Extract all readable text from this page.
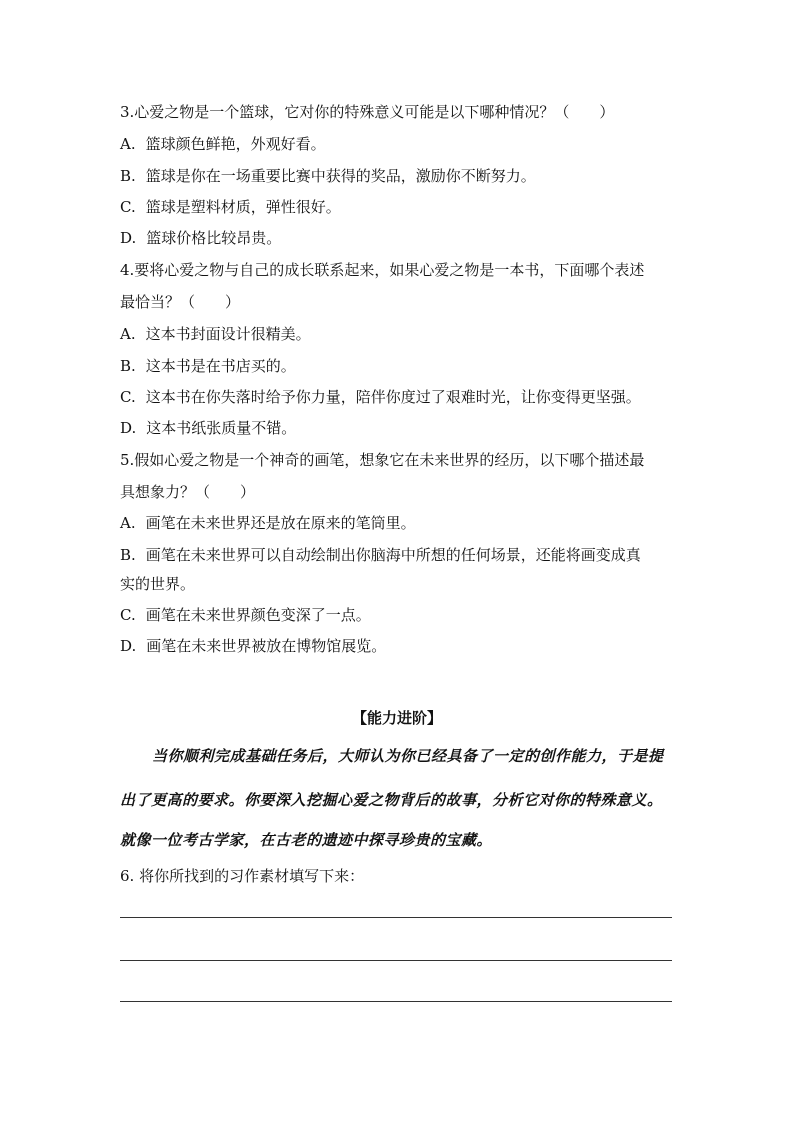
3.心爱之物是一个篮球，它对你的特殊意义可能是以下哪种情况？（　　）
A. 篮球颜色鲜艳，外观好看。
B. 篮球是你在一场重要比赛中获得的奖品，激励你不断努力。
C. 篮球是塑料材质，弹性很好。
D. 篮球价格比较昂贵。
4.要将心爱之物与自己的成长联系起来，如果心爱之物是一本书，下面哪个表述
最恰当？（　　）
A. 这本书封面设计很精美。
B. 这本书是在书店买的。
C. 这本书在你失落时给予你力量，陪伴你度过了艰难时光，让你变得更坚强。
D. 这本书纸张质量不错。
5.假如心爱之物是一个神奇的画笔，想象它在未来世界的经历，以下哪个描述最
具想象力？（　　）
A. 画笔在未来世界还是放在原来的笔筒里。
B. 画笔在未来世界可以自动绘制出你脑海中所想的任何场景，还能将画变成真
实的世界。
C. 画笔在未来世界颜色变深了一点。
D. 画笔在未来世界被放在博物馆展览。
【能力进阶】
当你顺利完成基础任务后，大师认为你已经具备了一定的创作能力，于是提
出了更高的要求。你要深入挖掘心爱之物背后的故事，分析它对你的特殊意义。
就像一位考古学家，在古老的遗迹中探寻珍贵的宝藏。
6. 将你所找到的习作素材填写下来：
